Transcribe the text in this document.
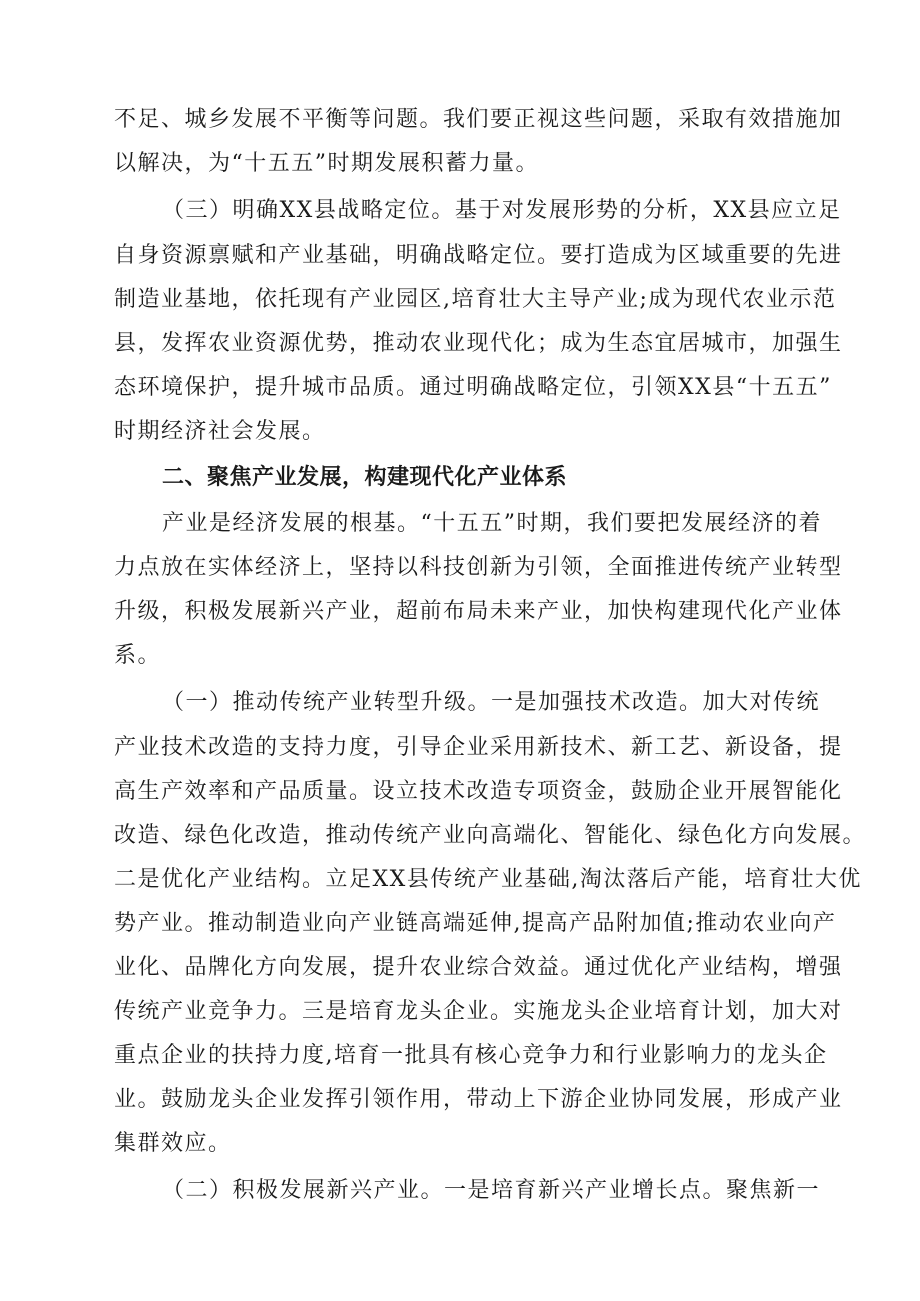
不足、城乡发展不平衡等问题。我们要正视这些问题，采取有效措施加
以解决，为“十五五”时期发展积蓄力量。
（三）明确XX县战略定位。基于对发展形势的分析，XX县应立足
自身资源禀赋和产业基础，明确战略定位。要打造成为区域重要的先进
制造业基地，依托现有产业园区,培育壮大主导产业;成为现代农业示范
县，发挥农业资源优势，推动农业现代化；成为生态宜居城市，加强生
态环境保护，提升城市品质。通过明确战略定位，引领XX县“十五五”
时期经济社会发展。
二、聚焦产业发展，构建现代化产业体系
产业是经济发展的根基。“十五五”时期，我们要把发展经济的着
力点放在实体经济上，坚持以科技创新为引领，全面推进传统产业转型
升级，积极发展新兴产业，超前布局未来产业，加快构建现代化产业体
系。
（一）推动传统产业转型升级。一是加强技术改造。加大对传统
产业技术改造的支持力度，引导企业采用新技术、新工艺、新设备，提
高生产效率和产品质量。设立技术改造专项资金，鼓励企业开展智能化
改造、绿色化改造，推动传统产业向高端化、智能化、绿色化方向发展。
二是优化产业结构。立足XX县传统产业基础,淘汰落后产能，培育壮大优
势产业。推动制造业向产业链高端延伸,提高产品附加值;推动农业向产
业化、品牌化方向发展，提升农业综合效益。通过优化产业结构，增强
传统产业竞争力。三是培育龙头企业。实施龙头企业培育计划，加大对
重点企业的扶持力度,培育一批具有核心竞争力和行业影响力的龙头企
业。鼓励龙头企业发挥引领作用，带动上下游企业协同发展，形成产业
集群效应。
（二）积极发展新兴产业。一是培育新兴产业增长点。聚焦新一
